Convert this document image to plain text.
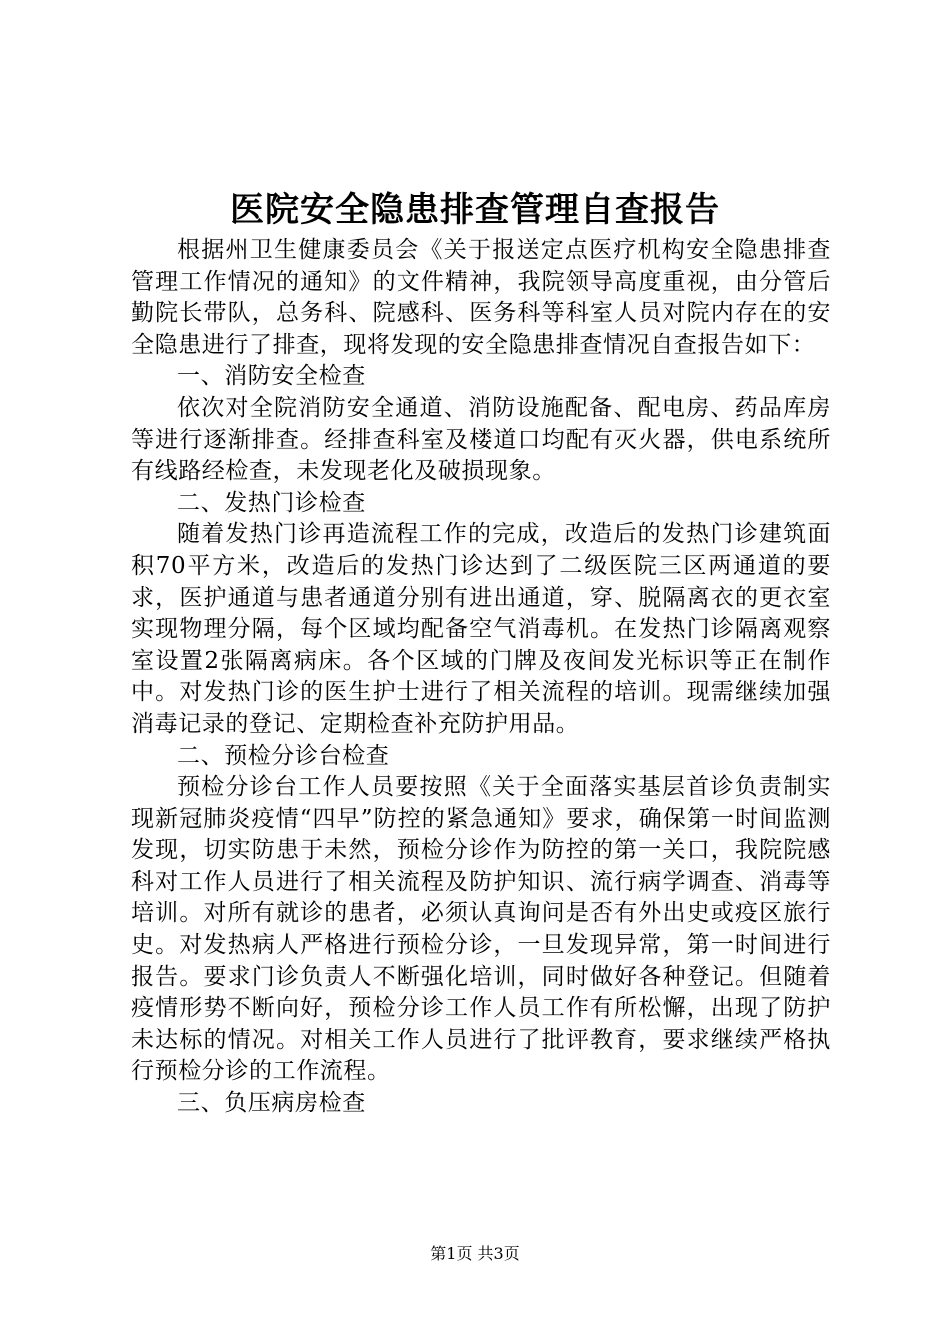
医院安全隐患排查管理自查报告

根据州卫生健康委员会《关于报送定点医疗机构安全隐患排查管理工作情况的通知》的文件精神，我院领导高度重视，由分管后勤院长带队，总务科、院感科、医务科等科室人员对院内存在的安全隐患进行了排查，现将发现的安全隐患排查情况自查报告如下：

一、消防安全检查

依次对全院消防安全通道、消防设施配备、配电房、药品库房等进行逐渐排查。经排查科室及楼道口均配有灭火器，供电系统所有线路经检查，未发现老化及破损现象。

二、发热门诊检查

随着发热门诊再造流程工作的完成，改造后的发热门诊建筑面积70平方米，改造后的发热门诊达到了二级医院三区两通道的要求，医护通道与患者通道分别有进出通道，穿、脱隔离衣的更衣室实现物理分隔，每个区域均配备空气消毒机。在发热门诊隔离观察室设置2张隔离病床。各个区域的门牌及夜间发光标识等正在制作中。对发热门诊的医生护士进行了相关流程的培训。现需继续加强消毒记录的登记、定期检查补充防护用品。

二、预检分诊台检查

预检分诊台工作人员要按照《关于全面落实基层首诊负责制实现新冠肺炎疫情“四早”防控的紧急通知》要求，确保第一时间监测发现，切实防患于未然，预检分诊作为防控的第一关口，我院院感科对工作人员进行了相关流程及防护知识、流行病学调查、消毒等培训。对所有就诊的患者，必须认真询问是否有外出史或疫区旅行史。对发热病人严格进行预检分诊，一旦发现异常，第一时间进行报告。要求门诊负责人不断强化培训，同时做好各种登记。但随着疫情形势不断向好，预检分诊工作人员工作有所松懈，出现了防护未达标的情况。对相关工作人员进行了批评教育，要求继续严格执行预检分诊的工作流程。

三、负压病房检查

第1页 共3页
